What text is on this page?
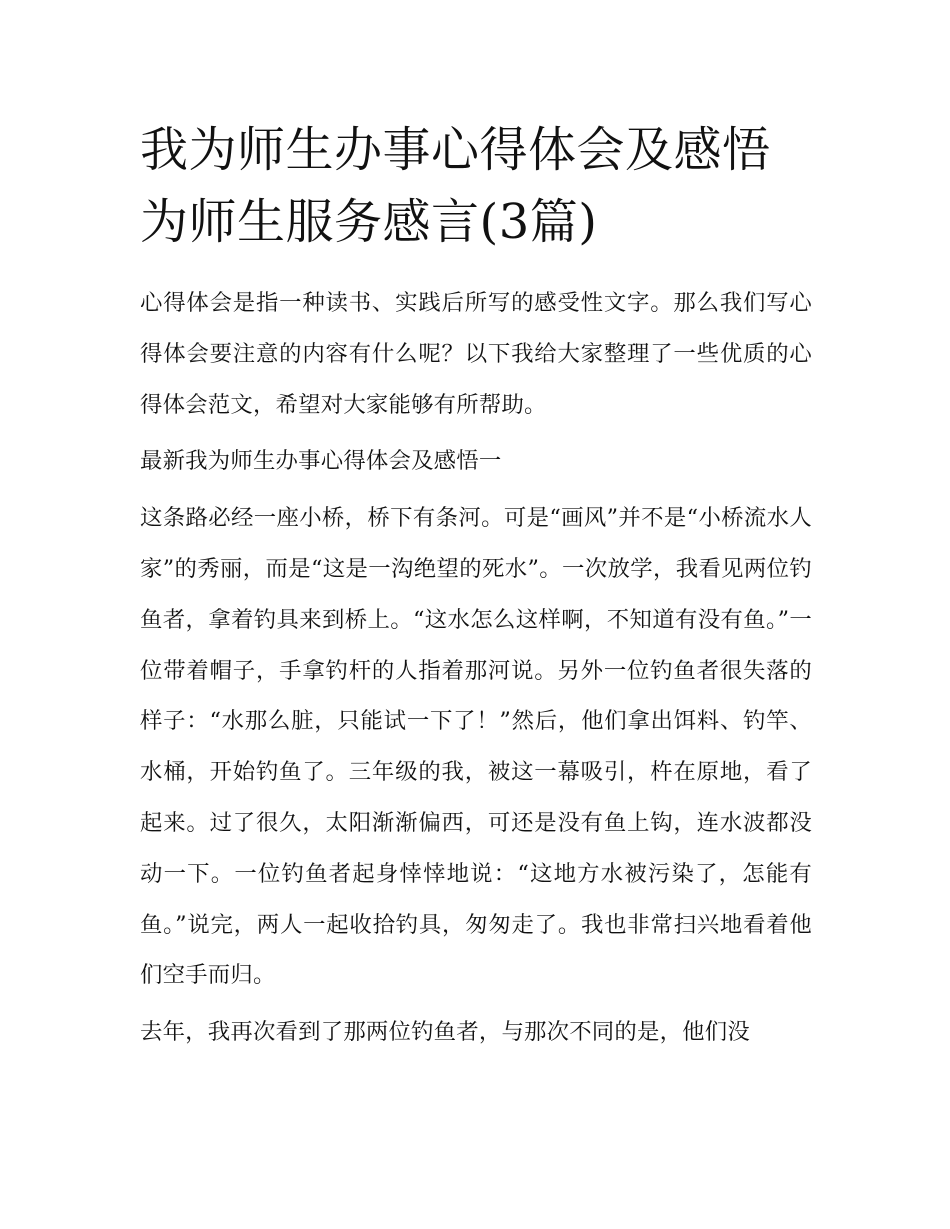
我为师生办事心得体会及感悟为师生服务感言(3篇)

心得体会是指一种读书、实践后所写的感受性文字。那么我们写心得体会要注意的内容有什么呢？以下我给大家整理了一些优质的心得体会范文，希望对大家能够有所帮助。

最新我为师生办事心得体会及感悟一

这条路必经一座小桥，桥下有条河。可是“画风”并不是“小桥流水人家”的秀丽，而是“这是一沟绝望的死水”。一次放学，我看见两位钓鱼者，拿着钓具来到桥上。“这水怎么这样啊，不知道有没有鱼。”一位带着帽子，手拿钓杆的人指着那河说。另外一位钓鱼者很失落的样子：“水那么脏，只能试一下了！”然后，他们拿出饵料、钓竿、水桶，开始钓鱼了。三年级的我，被这一幕吸引，杵在原地，看了起来。过了很久，太阳渐渐偏西，可还是没有鱼上钩，连水波都没动一下。一位钓鱼者起身悻悻地说：“这地方水被污染了，怎能有鱼。”说完，两人一起收拾钓具，匆匆走了。我也非常扫兴地看着他们空手而归。

去年，我再次看到了那两位钓鱼者，与那次不同的是，他们没
